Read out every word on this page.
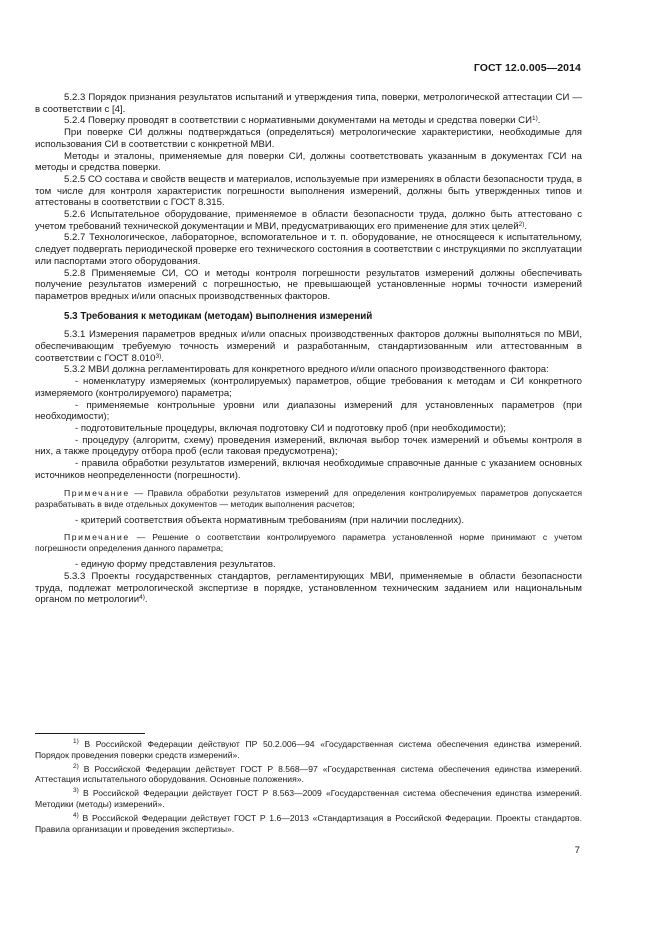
ГОСТ 12.0.005—2014

5.2.3 Порядок признания результатов испытаний и утверждения типа, поверки, метрологической аттестации СИ — в соответствии с [4].

5.2.4 Поверку проводят в соответствии с нормативными документами на методы и средства поверки СИ$^{1)}$.

При поверке СИ должны подтверждаться (определяться) метрологические характеристики, необходимые для использования СИ в соответствии с конкретной МВИ.

Методы и эталоны, применяемые для поверки СИ, должны соответствовать указанным в документах ГСИ на методы и средства поверки.

5.2.5 СО состава и свойств веществ и материалов, используемые при измерениях в области безопасности труда, в том числе для контроля характеристик погрешности выполнения измерений, должны быть утвержденных типов и аттестованы в соответствии с ГОСТ 8.315.

5.2.6 Испытательное оборудование, применяемое в области безопасности труда, должно быть аттестовано с учетом требований технической документации и МВИ, предусматривающих его применение для этих целей$^{2)}$.

5.2.7 Технологическое, лабораторное, вспомогательное и т. п. оборудование, не относящееся к испытательному, следует подвергать периодической проверке его технического состояния в соответствии с инструкциями по эксплуатации или паспортами этого оборудования.

5.2.8 Применяемые СИ, СО и методы контроля погрешности результатов измерений должны обеспечивать получение результатов измерений с погрешностью, не превышающей установленные нормы точности измерений параметров вредных и/или опасных производственных факторов.

5.3 Требования к методикам (методам) выполнения измерений

5.3.1 Измерения параметров вредных и/или опасных производственных факторов должны выполняться по МВИ, обеспечивающим требуемую точность измерений и разработанным, стандартизованным или аттестованным в соответствии с ГОСТ 8.010$^{3)}$.

5.3.2 МВИ должна регламентировать для конкретного вредного и/или опасного производственного фактора:

- номенклатуру измеряемых (контролируемых) параметров, общие требования к методам и СИ конкретного измеряемого (контролируемого) параметра;

- применяемые контрольные уровни или диапазоны измерений для установленных параметров (при необходимости);

- подготовительные процедуры, включая подготовку СИ и подготовку проб (при необходимости);

- процедуру (алгоритм, схему) проведения измерений, включая выбор точек измерений и объемы контроля в них, а также процедуру отбора проб (если таковая предусмотрена);

- правила обработки результатов измерений, включая необходимые справочные данные с указанием основных источников неопределенности (погрешности).

Примечание — Правила обработки результатов измерений для определения контролируемых параметров допускается разрабатывать в виде отдельных документов — методик выполнения расчетов;

- критерий соответствия объекта нормативным требованиям (при наличии последних).

Примечание — Решение о соответствии контролируемого параметра установленной норме принимают с учетом погрешности определения данного параметра;

- единую форму представления результатов.

5.3.3 Проекты государственных стандартов, регламентирующих МВИ, применяемые в области безопасности труда, подлежат метрологической экспертизе в порядке, установленном техническим заданием или национальным органом по метрологии$^{4)}$.

$^{1)}$ В Российской Федерации действуют ПР 50.2.006—94 «Государственная система обеспечения единства измерений. Порядок проведения поверки средств измерений».

$^{2)}$ В Российской Федерации действует ГОСТ Р 8.568—97 «Государственная система обеспечения единства измерений. Аттестация испытательного оборудования. Основные положения».

$^{3)}$ В Российской Федерации действует ГОСТ Р 8.563—2009 «Государственная система обеспечения единства измерений. Методики (методы) измерений».

$^{4)}$ В Российской Федерации действует ГОСТ Р 1.6—2013 «Стандартизация в Российской Федерации. Проекты стандартов. Правила организации и проведения экспертизы».

7
